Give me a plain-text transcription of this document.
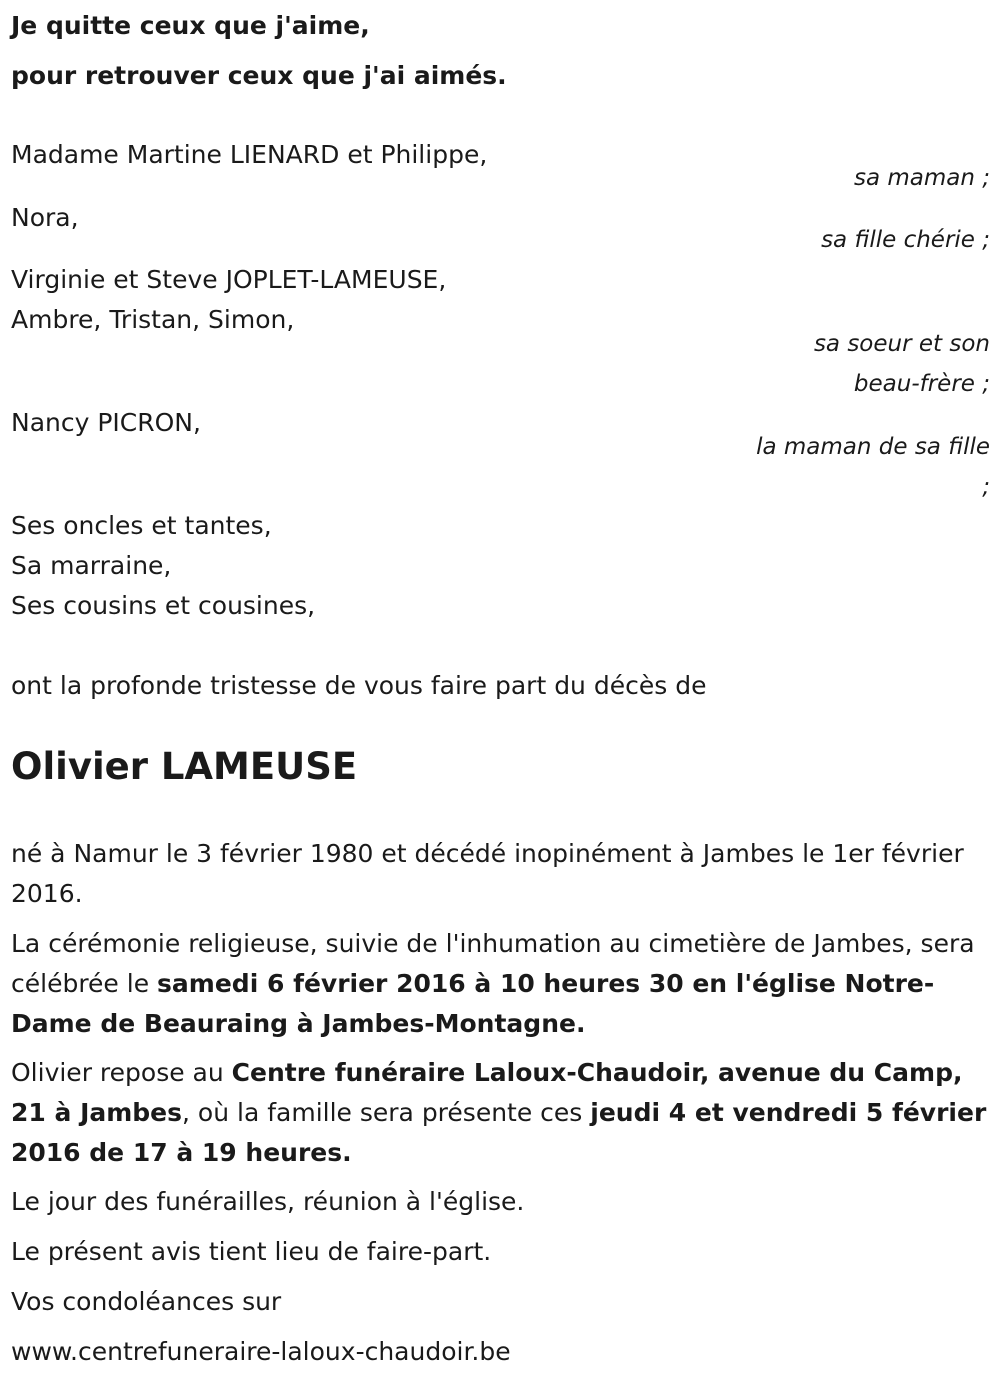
Je quitte ceux que j'aime,

pour retrouver ceux que j'ai aimés.

Madame Martine LIENARD et Philippe,

sa maman ;

Nora,

sa fille chérie ;

Virginie et Steve JOPLET-LAMEUSE,

Ambre, Tristan, Simon,

sa soeur et son

beau-frère ;

Nancy PICRON,

la maman de sa fille

;

Ses oncles et tantes,

Sa marraine,

Ses cousins et cousines,

ont la profonde tristesse de vous faire part du décès de

Olivier LAMEUSE

né à Namur le 3 février 1980 et décédé inopinément à Jambes le 1er février 2016.

La cérémonie religieuse, suivie de l'inhumation au cimetière de Jambes, sera célébrée le samedi 6 février 2016 à 10 heures 30 en l'église Notre-Dame de Beauraing à Jambes-Montagne.

Olivier repose au Centre funéraire Laloux-Chaudoir, avenue du Camp, 21 à Jambes, où la famille sera présente ces jeudi 4 et vendredi 5 février 2016 de 17 à 19 heures.

Le jour des funérailles, réunion à l'église.

Le présent avis tient lieu de faire-part.

Vos condoléances sur

www.centrefuneraire-laloux-chaudoir.be
